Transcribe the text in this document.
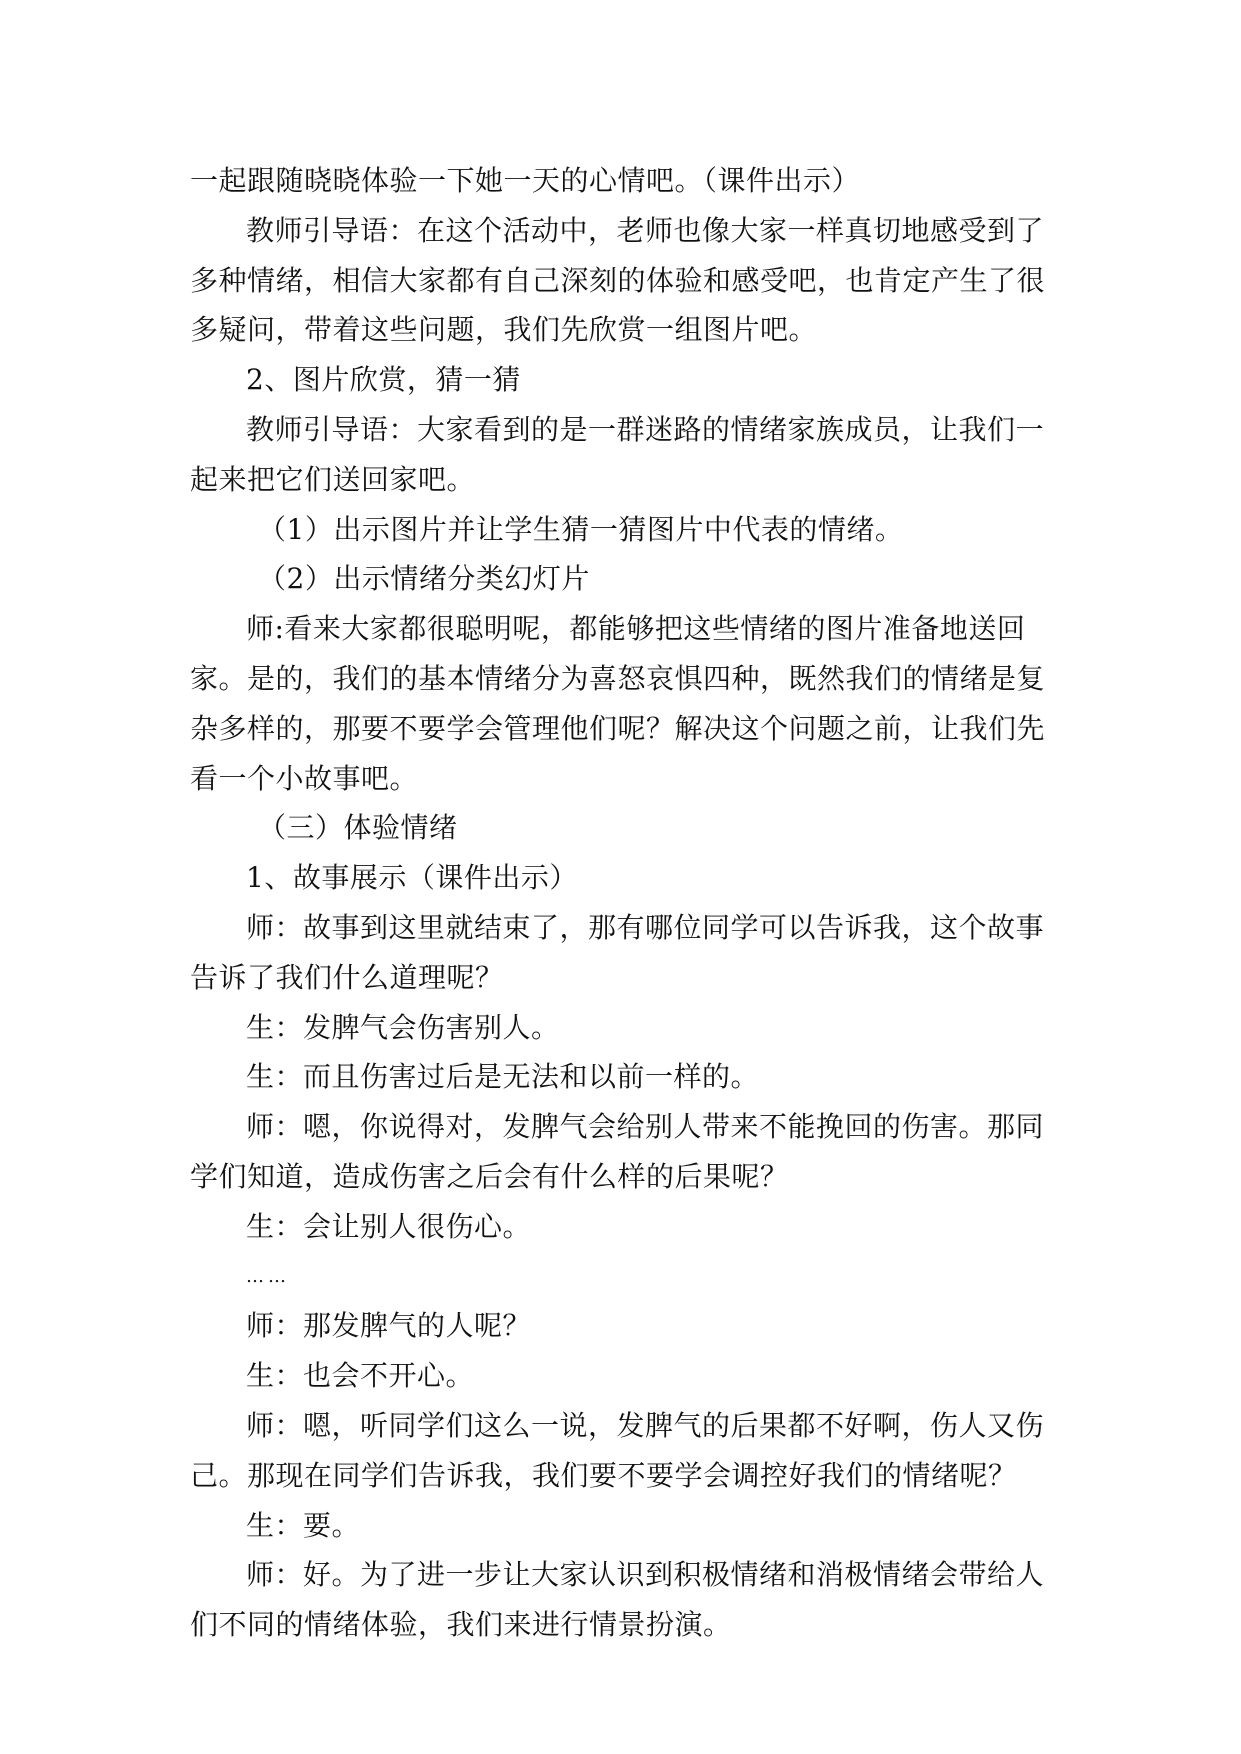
一起跟随晓晓体验一下她一天的心情吧。（课件出示）
教师引导语：在这个活动中，老师也像大家一样真切地感受到了
多种情绪，相信大家都有自己深刻的体验和感受吧，也肯定产生了很
多疑问，带着这些问题，我们先欣赏一组图片吧。
2、图片欣赏，猜一猜
教师引导语：大家看到的是一群迷路的情绪家族成员，让我们一
起来把它们送回家吧。
（1）出示图片并让学生猜一猜图片中代表的情绪。
（2）出示情绪分类幻灯片
师:看来大家都很聪明呢，都能够把这些情绪的图片准备地送回
家。是的，我们的基本情绪分为喜怒哀惧四种，既然我们的情绪是复
杂多样的，那要不要学会管理他们呢？解决这个问题之前，让我们先
看一个小故事吧。
（三）体验情绪
1、故事展示（课件出示）
师：故事到这里就结束了，那有哪位同学可以告诉我，这个故事
告诉了我们什么道理呢？
生：发脾气会伤害别人。
生：而且伤害过后是无法和以前一样的。
师：嗯，你说得对，发脾气会给别人带来不能挽回的伤害。那同
学们知道，造成伤害之后会有什么样的后果呢？
生：会让别人很伤心。
……
师：那发脾气的人呢？
生：也会不开心。
师：嗯，听同学们这么一说，发脾气的后果都不好啊，伤人又伤
己。那现在同学们告诉我，我们要不要学会调控好我们的情绪呢？
生：要。
师：好。为了进一步让大家认识到积极情绪和消极情绪会带给人
们不同的情绪体验，我们来进行情景扮演。
